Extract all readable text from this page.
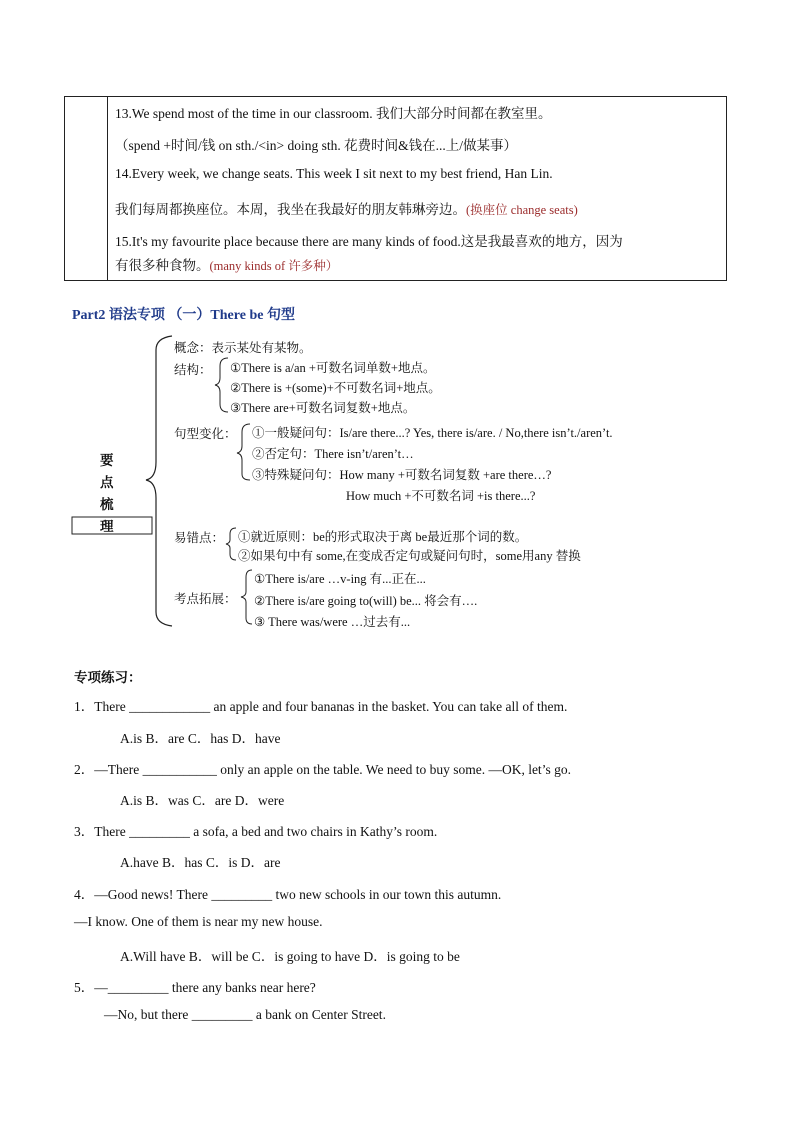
13.We spend most of the time in our classroom. 我们大部分时间都在教室里。
（spend +时间/钱 on sth./<in> doing sth. 花费时间&钱在...上/做某事）
14.Every week, we change seats. This week I sit next to my best friend, Han Lin.
我们每周都换座位。本周，我坐在我最好的朋友韩琳旁边。(换座位 change seats)
15.It's my favourite place because there are many kinds of food.这是我最喜欢的地方，因为
有很多种食物。(many kinds of 许多种）
Part2 语法专项 （一）There be 句型
要
点
梳
理
概念：表示某处有某物。
结构： ①There is a/an +可数名词单数+地点。
②There is +(some)+不可数名词+地点。
③There are+可数名词复数+地点。
句型变化： ①一般疑问句：Is/are there...? Yes, there is/are. / No,there isn’t./aren’t.
②否定句：There isn’t/aren’t…
③特殊疑问句：How many +可数名词复数 +are there…?
How much +不可数名词 +is there...?
易错点： ①就近原则：be的形式取决于离 be最近那个词的数。
②如果句中有 some,在变成否定句或疑问句时，some用any 替换
考点拓展：
①There is/are …v-ing 有...正在...
②There is/are going to(will) be... 将会有….
③ There was/were …过去有...
专项练习：
1．There ____________ an apple and four bananas in the basket. You can take all of them.
A.is B．are C．has D．have
2．—There ___________ only an apple on the table. We need to buy some. —OK, let’s go.
A.is B．was C．are D．were
3．There _________ a sofa, a bed and two chairs in Kathy’s room.
A.have B．has C．is D．are
4．—Good news! There _________ two new schools in our town this autumn.
—I know. One of them is near my new house.
A.Will have B．will be C．is going to have D．is going to be
5．—_________ there any banks near here?
—No, but there _________ a bank on Center Street.
